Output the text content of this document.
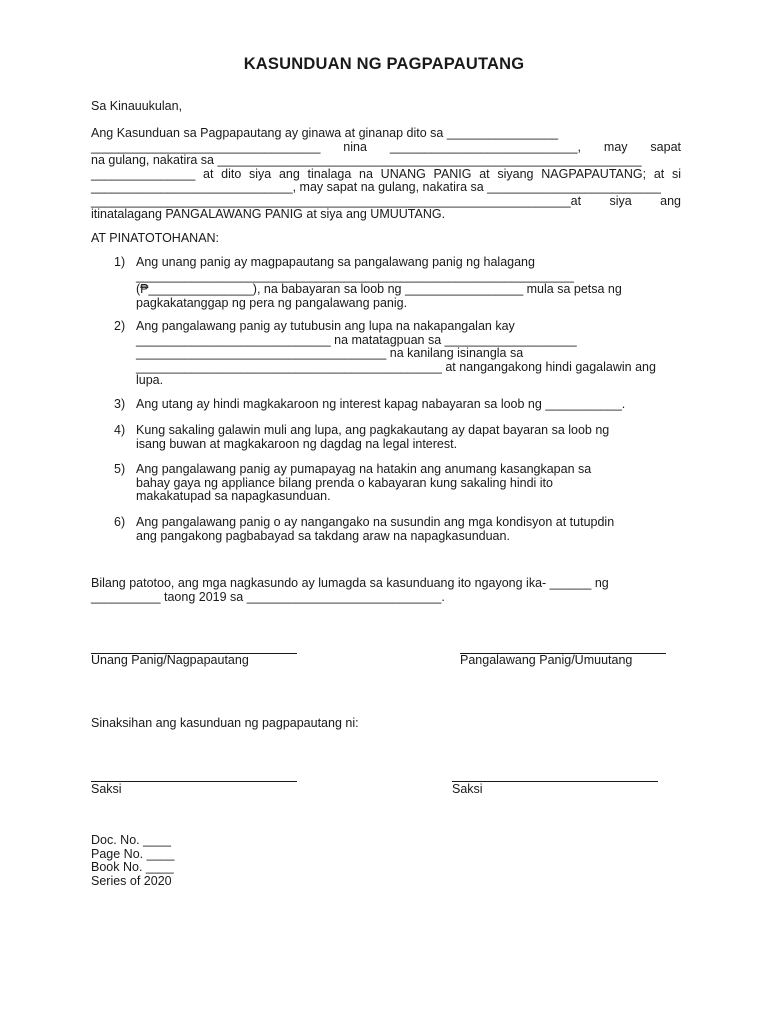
KASUNDUAN NG PAGPAPAUTANG
Sa Kinauukulan,
Ang Kasunduan sa Pagpapautang ay ginawa at ginanap dito sa ________________
_________________________________ nina ___________________________, may sapat
na gulang, nakatira sa _____________________________________________________________
_______________ at dito siya ang tinalaga na UNANG PANIG at siyang NAGPAPAUTANG; at si
_____________________________, may sapat na gulang, nakatira sa _________________________
_____________________________________________________________________at siya ang
itinatalagang PANGALAWANG PANIG at siya ang UMUUTANG.
AT PINATOTOHANAN:
1) Ang unang panig ay magpapautang sa pangalawang panig ng halagang
_______________________________________________________________
(₱_______________), na babayaran sa loob ng _________________ mula sa petsa ng
pagkakatanggap ng pera ng pangalawang panig.
2) Ang pangalawang panig ay tutubusin ang lupa na nakapangalan kay
____________________________ na matatagpuan sa ___________________
____________________________________ na kanilang isinangla sa
____________________________________________ at nangangakong hindi gagalawin ang
lupa.
3) Ang utang ay hindi magkakaroon ng interest kapag nabayaran sa loob ng ___________.
4) Kung sakaling galawin muli ang lupa, ang pagkakautang ay dapat bayaran sa loob ng
isang buwan at magkakaroon ng dagdag na legal interest.
5) Ang pangalawang panig ay pumapayag na hatakin ang anumang kasangkapan sa
bahay gaya ng appliance bilang prenda o kabayaran kung sakaling hindi ito
makakatupad sa napagkasunduan.
6) Ang pangalawang panig o ay nangangako na susundin ang mga kondisyon at tutupdin
ang pangakong pagbabayad sa takdang araw na napagkasunduan.
Bilang patotoo, ang mga nagkasundo ay lumagda sa kasunduang ito ngayong ika- ______ ng
__________ taong 2019 sa ____________________________.
Unang Panig/Nagpapautang	Pangalawang Panig/Umuutang
Sinaksihan ang kasunduan ng pagpapautang ni:
Saksi	Saksi
Doc. No. ____
Page No. ____
Book No. ____
Series of 2020
